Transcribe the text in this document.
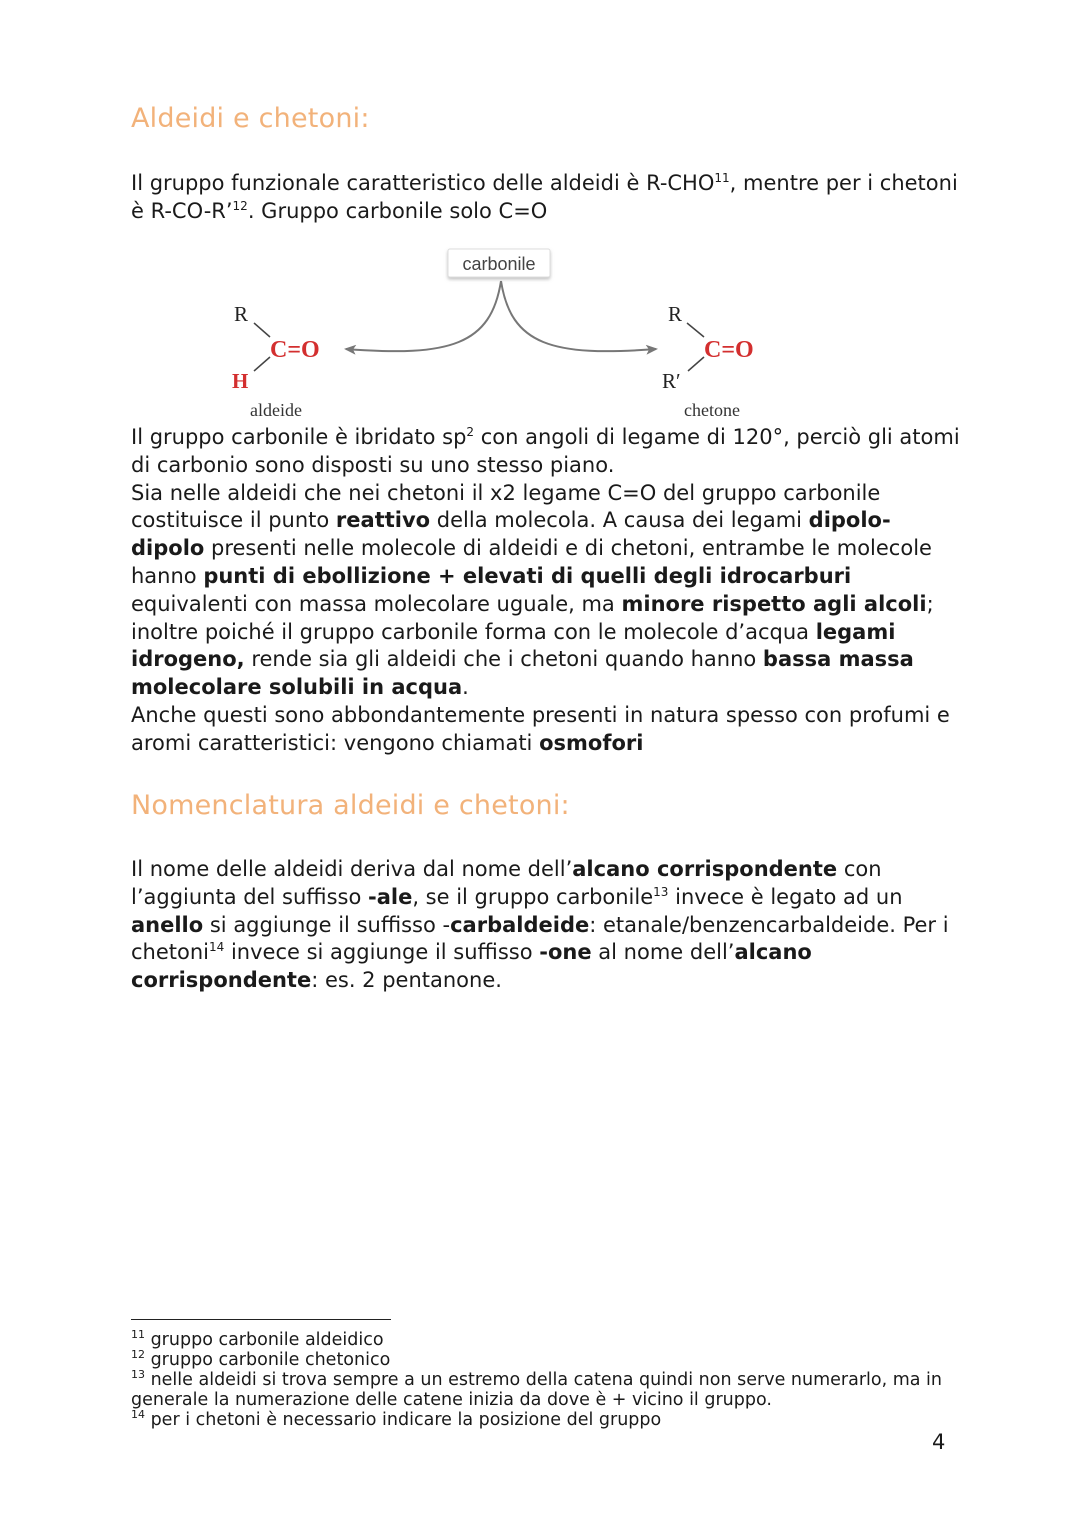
Aldeidi e chetoni:

Il gruppo funzionale caratteristico delle aldeidi è R-CHO$^{11}$, mentre per i chetoni è R-CO-R’$^{12}$. Gruppo carbonile solo C=O

carbonile
R
C=O
H
aldeide
R
C=O
R′
chetone

Il gruppo carbonile è ibridato $sp^2$ con angoli di legame di 120°, perciò gli atomi di carbonio sono disposti su uno stesso piano.
Sia nelle aldeidi che nei chetoni il x2 legame C=O del gruppo carbonile costituisce il punto reattivo della molecola. A causa dei legami dipolo-dipolo presenti nelle molecole di aldeidi e di chetoni, entrambe le molecole hanno punti di ebollizione + elevati di quelli degli idrocarburi equivalenti con massa molecolare uguale, ma minore rispetto agli alcoli; inoltre poiché il gruppo carbonile forma con le molecole d’acqua legami idrogeno, rende sia gli aldeidi che i chetoni quando hanno bassa massa molecolare solubili in acqua.
Anche questi sono abbondantemente presenti in natura spesso con profumi e aromi caratteristici: vengono chiamati osmofori

Nomenclatura aldeidi e chetoni:

Il nome delle aldeidi deriva dal nome dell’alcano corrispondente con l’aggiunta del suffisso -ale, se il gruppo carbonile$^{13}$ invece è legato ad un anello si aggiunge il suffisso -carbaldeide: etanale/benzencarbaldeide. Per i chetoni$^{14}$ invece si aggiunge il suffisso -one al nome dell’alcano corrispondente: es. 2 pentanone.

$^{11}$ gruppo carbonile aldeidico
$^{12}$ gruppo carbonile chetonico
$^{13}$ nelle aldeidi si trova sempre a un estremo della catena quindi non serve numerarlo, ma in generale la numerazione delle catene inizia da dove è + vicino il gruppo.
$^{14}$ per i chetoni è necessario indicare la posizione del gruppo
4
